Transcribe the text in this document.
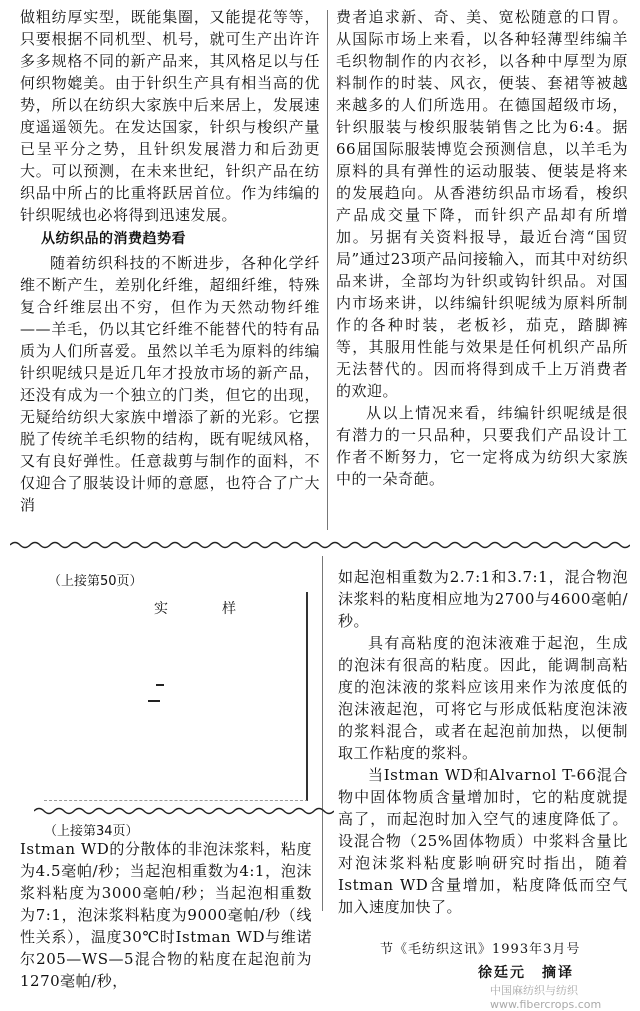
做粗纺厚实型，既能集圈，又能提花等等，只要根据不同机型、机号，就可生产出许许多多规格不同的新产品来，其风格足以与任何织物媲美。由于针织生产具有相当高的优势，所以在纺织大家族中后来居上，发展速度遥遥领先。在发达国家，针织与梭织产量已呈平分之势，且针织发展潜力和后劲更大。可以预测，在未来世纪，针织产品在纺织品中所占的比重将跃居首位。作为纬编的针织呢绒也必将得到迅速发展。

从纺织品的消费趋势看

随着纺织科技的不断进步，各种化学纤维不断产生，差别化纤维，超细纤维，特殊复合纤维层出不穷，但作为天然动物纤维——羊毛，仍以其它纤维不能替代的特有品质为人们所喜爱。虽然以羊毛为原料的纬编针织呢绒只是近几年才投放市场的新产品，还没有成为一个独立的门类，但它的出现，无疑给纺织大家族中增添了新的光彩。它摆脱了传统羊毛织物的结构，既有呢绒风格，又有良好弹性。任意裁剪与制作的面料，不仅迎合了服装设计师的意愿，也符合了广大消

费者追求新、奇、美、宽松随意的口胃。从国际市场上来看，以各种轻薄型纬编羊毛织物制作的内衣衫，以各种中厚型为原料制作的时装、风衣，便装、套裙等被越来越多的人们所选用。在德国超级市场，针织服装与梭织服装销售之比为6:4。据66届国际服装博览会预测信息，以羊毛为原料的具有弹性的运动服装、便装是将来的发展趋向。从香港纺织品市场看，梭织产品成交量下降，而针织产品却有所增加。另据有关资料报导，最近台湾“国贸局”通过23项产品问接输入，而其中对纺织品来讲，全部均为针织或钩针织品。对国内市场来讲，以纬编针织呢绒为原料所制作的各种时装，老板衫，茄克，踏脚裤等，其服用性能与效果是任何机织产品所无法替代的。因而将得到成千上万消费者的欢迎。

从以上情况来看，纬编针织呢绒是很有潜力的一只品种，只要我们产品设计工作者不断努力，它一定将成为纺织大家族中的一朵奇葩。

（上接第50页）
实　样
（上接第34页）

Istman WD的分散体的非泡沫浆料，粘度为4.5毫帕/秒；当起泡相重数为4:1，泡沫浆料粘度为3000毫帕/秒；当起泡相重数为7:1，泡沫浆料粘度为9000毫帕/秒（线性关系），温度30℃时Istman WD与维诺尔205—WS—5混合物的粘度在起泡前为1270毫帕/秒，

如起泡相重数为2.7:1和3.7:1，混合物泡沫浆料的粘度相应地为2700与4600毫帕/秒。

具有高粘度的泡沫液难于起泡，生成的泡沫有很高的粘度。因此，能调制高粘度的泡沫液的浆料应该用来作为浓度低的泡沫液起泡，可将它与形成低粘度泡沫液的浆料混合，或者在起泡前加热，以便制取工作粘度的浆料。

当Istman WD和Alvarnol T-66混合物中固体物质含量增加时，它的粘度就提高了，而起泡时加入空气的速度降低了。设混合物（25%固体物质）中浆料含量比对泡沫浆料粘度影响研究时指出，随着Istman WD含量增加，粘度降低而空气加入速度加快了。

节《毛纺织这讯》1993年3月号
徐廷元　摘译
中国麻纺织与纺织 www.fibercrops.com
